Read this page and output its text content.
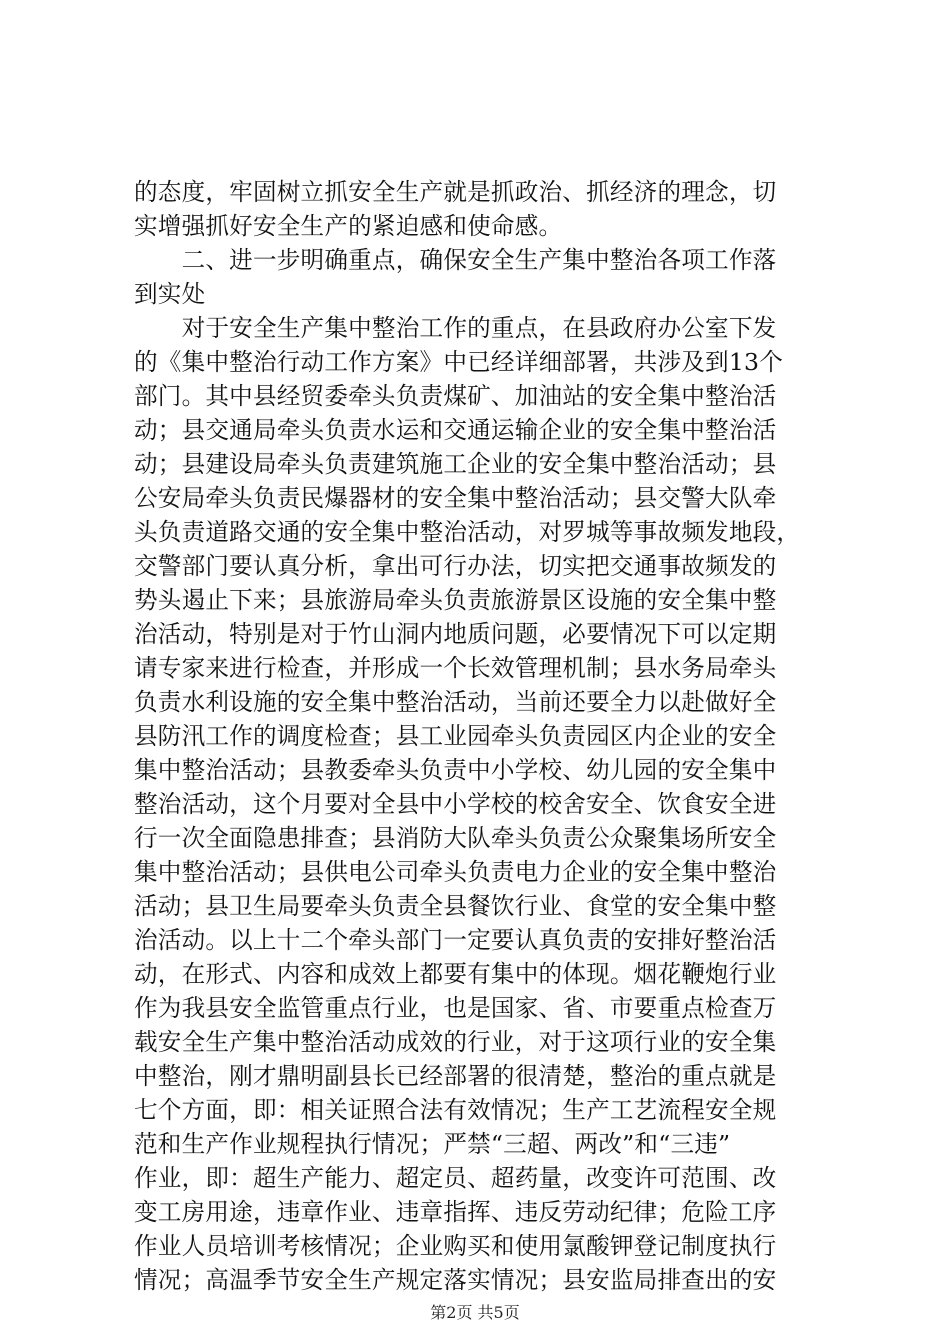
的态度，牢固树立抓安全生产就是抓政治、抓经济的理念，切
实增强抓好安全生产的紧迫感和使命感。
　　二、进一步明确重点，确保安全生产集中整治各项工作落
到实处
　　对于安全生产集中整治工作的重点，在县政府办公室下发
的《集中整治行动工作方案》中已经详细部署，共涉及到13个
部门。其中县经贸委牵头负责煤矿、加油站的安全集中整治活
动；县交通局牵头负责水运和交通运输企业的安全集中整治活
动；县建设局牵头负责建筑施工企业的安全集中整治活动；县
公安局牵头负责民爆器材的安全集中整治活动；县交警大队牵
头负责道路交通的安全集中整治活动，对罗城等事故频发地段，
交警部门要认真分析，拿出可行办法，切实把交通事故频发的
势头遏止下来；县旅游局牵头负责旅游景区设施的安全集中整
治活动，特别是对于竹山洞内地质问题，必要情况下可以定期
请专家来进行检查，并形成一个长效管理机制；县水务局牵头
负责水利设施的安全集中整治活动，当前还要全力以赴做好全
县防汛工作的调度检查；县工业园牵头负责园区内企业的安全
集中整治活动；县教委牵头负责中小学校、幼儿园的安全集中
整治活动，这个月要对全县中小学校的校舍安全、饮食安全进
行一次全面隐患排查；县消防大队牵头负责公众聚集场所安全
集中整治活动；县供电公司牵头负责电力企业的安全集中整治
活动；县卫生局要牵头负责全县餐饮行业、食堂的安全集中整
治活动。以上十二个牵头部门一定要认真负责的安排好整治活
动，在形式、内容和成效上都要有集中的体现。烟花鞭炮行业
作为我县安全监管重点行业，也是国家、省、市要重点检查万
载安全生产集中整治活动成效的行业，对于这项行业的安全集
中整治，刚才鼎明副县长已经部署的很清楚，整治的重点就是
七个方面，即：相关证照合法有效情况；生产工艺流程安全规
范和生产作业规程执行情况；严禁“三超、两改”和“三违”
作业，即：超生产能力、超定员、超药量，改变许可范围、改
变工房用途，违章作业、违章指挥、违反劳动纪律；危险工序
作业人员培训考核情况；企业购买和使用氯酸钾登记制度执行
情况；高温季节安全生产规定落实情况；县安监局排查出的安
第2页 共5页
